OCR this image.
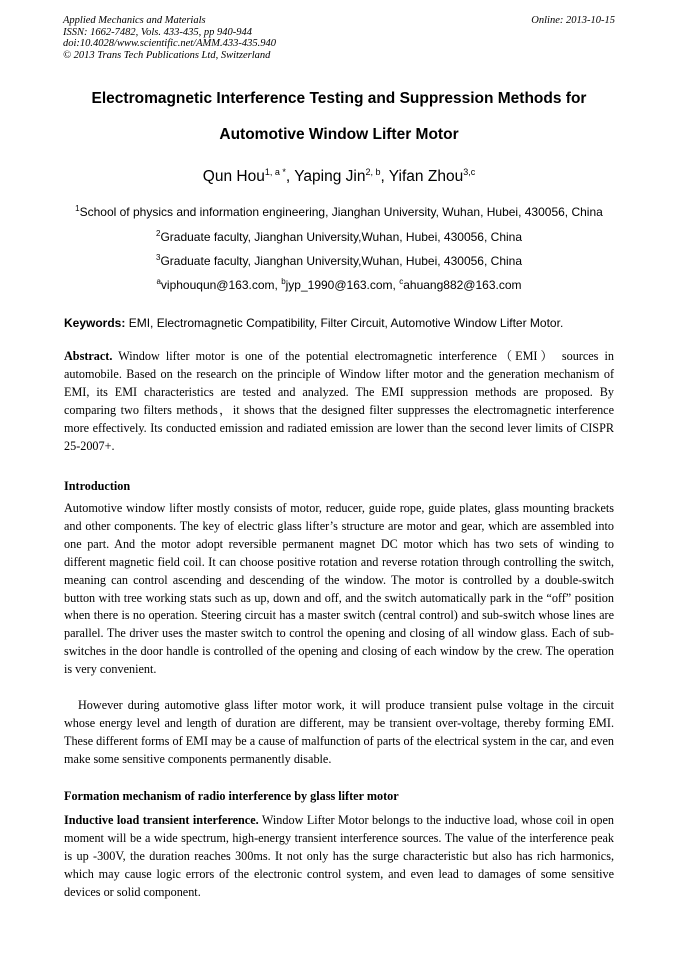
Applied Mechanics and Materials
ISSN: 1662-7482, Vols. 433-435, pp 940-944
doi:10.4028/www.scientific.net/AMM.433-435.940
© 2013 Trans Tech Publications Ltd, Switzerland
Online: 2013-10-15
Electromagnetic Interference Testing and Suppression Methods for
Automotive Window Lifter Motor
Qun Hou$^{1, a *}$, Yaping Jin$^{2, b}$, Yifan Zhou$^{3,c}$
$^1$School of physics and information engineering, Jianghan University, Wuhan, Hubei, 430056, China
$^2$Graduate faculty, Jianghan University,Wuhan, Hubei, 430056, China
$^3$Graduate faculty, Jianghan University,Wuhan, Hubei, 430056, China
$^a$viphouqun@163.com, $^b$jyp_1990@163.com, $^c$ahuang882@163.com
Keywords: EMI, Electromagnetic Compatibility, Filter Circuit, Automotive Window Lifter Motor.
Abstract. Window lifter motor is one of the potential electromagnetic interference（EMI） sources in automobile. Based on the research on the principle of Window lifter motor and the generation mechanism of EMI, its EMI characteristics are tested and analyzed. The EMI suppression methods are proposed. By comparing two filters methods，it shows that the designed filter suppresses the electromagnetic interference more effectively. Its conducted emission and radiated emission are lower than the second lever limits of CISPR 25-2007+.
Introduction
Automotive window lifter mostly consists of motor, reducer, guide rope, guide plates, glass mounting brackets and other components. The key of electric glass lifter’s structure are motor and gear, which are assembled into one part. And the motor adopt reversible permanent magnet DC motor which has two sets of winding to different magnetic field coil. It can choose positive rotation and reverse rotation through controlling the switch, meaning can control ascending and descending of the window. The motor is controlled by a double-switch button with tree working stats such as up, down and off, and the switch automatically park in the “off” position when there is no operation. Steering circuit has a master switch (central control) and sub-switch whose lines are parallel. The driver uses the master switch to control the opening and closing of all window glass. Each of sub-switches in the door handle is controlled of the opening and closing of each window by the crew. The operation is very convenient.
However during automotive glass lifter motor work, it will produce transient pulse voltage in the circuit whose energy level and length of duration are different, may be transient over-voltage, thereby forming EMI. These different forms of EMI may be a cause of malfunction of parts of the electrical system in the car, and even make some sensitive components permanently disable.
Formation mechanism of radio interference by glass lifter motor
Inductive load transient interference. Window Lifter Motor belongs to the inductive load, whose coil in open moment will be a wide spectrum, high-energy transient interference sources. The value of the interference peak is up -300V, the duration reaches 300ms. It not only has the surge characteristic but also has rich harmonics, which may cause logic errors of the electronic control system, and even lead to damages of some sensitive devices or solid component.
